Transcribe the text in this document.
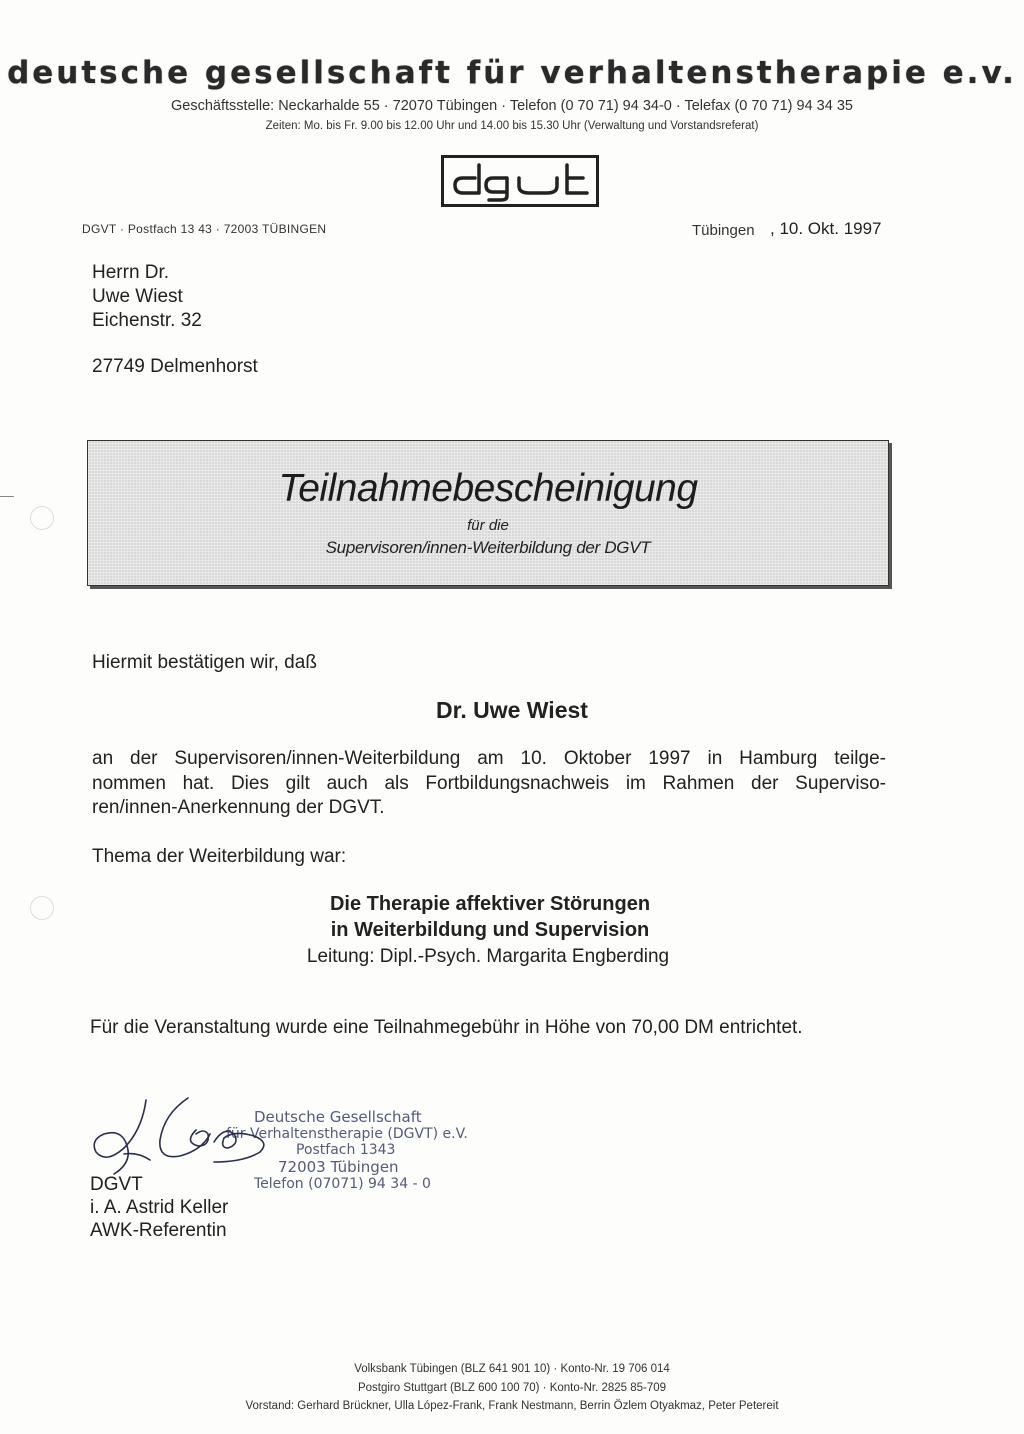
deutsche gesellschaft für verhaltenstherapie e.v.
Geschäftsstelle: Neckarhalde 55 · 72070 Tübingen · Telefon (0 70 71) 94 34-0 · Telefax (0 70 71) 94 34 35
Zeiten: Mo. bis Fr. 9.00 bis 12.00 Uhr und 14.00 bis 15.30 Uhr (Verwaltung und Vorstandsreferat)
dgvt
DGVT · Postfach 13 43 · 72003 TÜBINGEN	Tübingen , 10. Okt. 1997
Herrn Dr.
Uwe Wiest
Eichenstr. 32
27749 Delmenhorst
Teilnahmebescheinigung
für die
Supervisoren/innen-Weiterbildung der DGVT
Hiermit bestätigen wir, daß
Dr. Uwe Wiest
an der Supervisoren/innen-Weiterbildung am 10. Oktober 1997 in Hamburg teilge-
nommen hat. Dies gilt auch als Fortbildungsnachweis im Rahmen der Superviso-
ren/innen-Anerkennung der DGVT.
Thema der Weiterbildung war:
Die Therapie affektiver Störungen
in Weiterbildung und Supervision
Leitung: Dipl.-Psych. Margarita Engberding
Für die Veranstaltung wurde eine Teilnahmegebühr in Höhe von 70,00 DM entrichtet.
Deutsche Gesellschaft
für Verhaltenstherapie (DGVT) e.V.
Postfach 1343
72003 Tübingen
Telefon (07071) 94 34 - 0
DGVT
i. A. Astrid Keller
AWK-Referentin
Volksbank Tübingen (BLZ 641 901 10) · Konto-Nr. 19 706 014
Postgiro Stuttgart (BLZ 600 100 70) · Konto-Nr. 2825 85-709
Vorstand: Gerhard Brückner, Ulla López-Frank, Frank Nestmann, Berrin Özlem Otyakmaz, Peter Petereit
